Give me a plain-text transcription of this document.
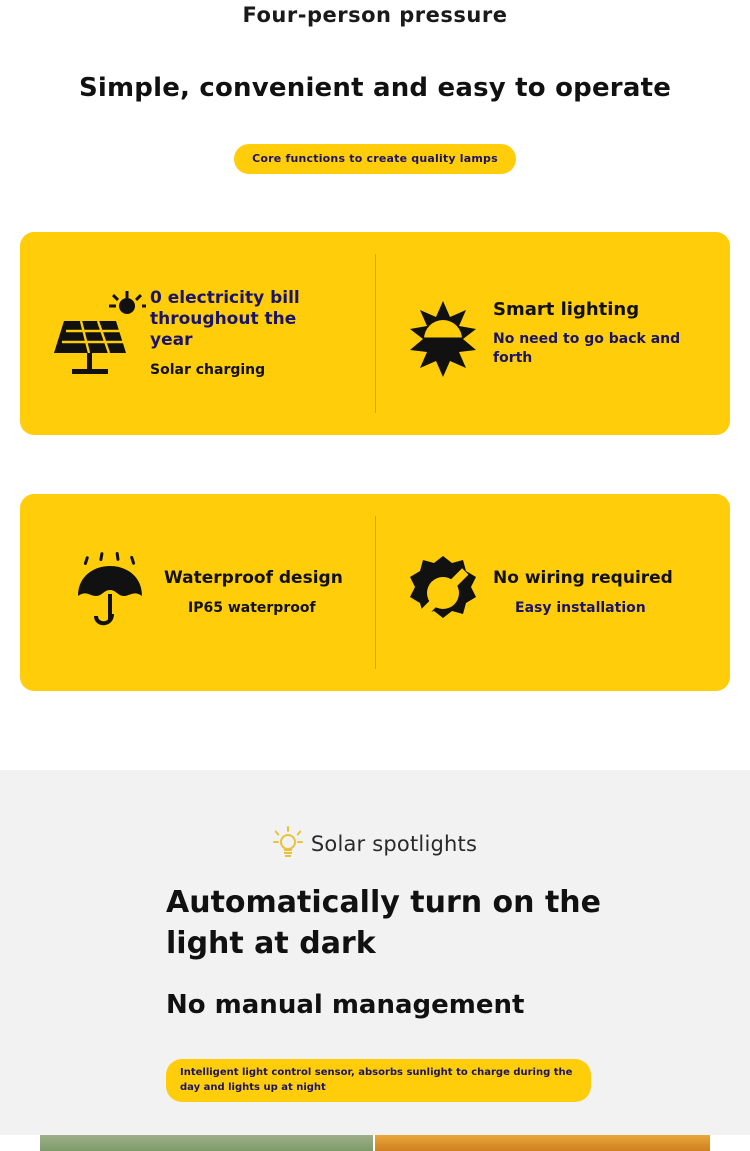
Four-person pressure
Simple, convenient and easy to operate
Core functions to create quality lamps
0 electricity bill throughout the year
Solar charging
Smart lighting
No need to go back and forth
Waterproof design
IP65 waterproof
No wiring required
Easy installation
Solar spotlights
Automatically turn on the light at dark
No manual management
Intelligent light control sensor, absorbs sunlight to charge during the day and lights up at night
